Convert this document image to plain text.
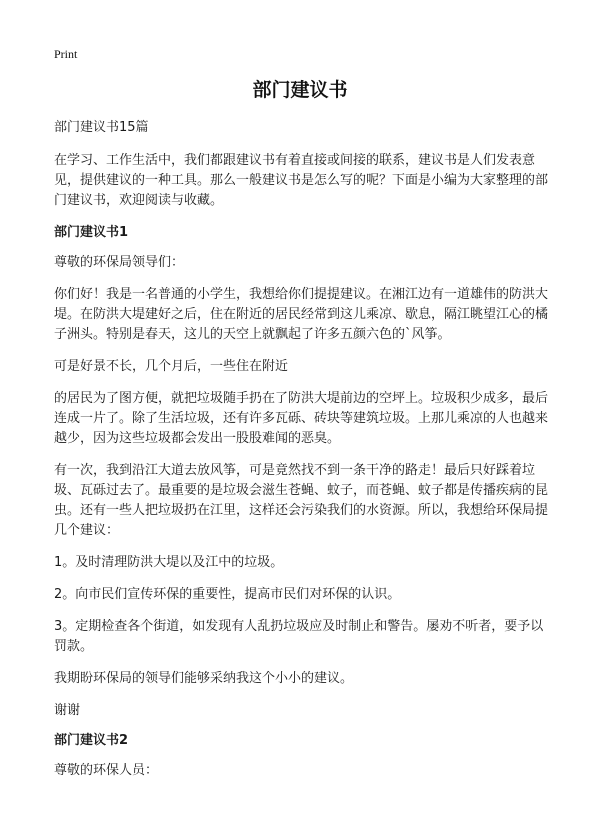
Print
部门建议书

部门建议书15篇

在学习、工作生活中，我们都跟建议书有着直接或间接的联系，建议书是人们发表意见，提供建议的一种工具。那么一般建议书是怎么写的呢？下面是小编为大家整理的部门建议书，欢迎阅读与收藏。

部门建议书1

尊敬的环保局领导们：

你们好！我是一名普通的小学生，我想给你们提提建议。在湘江边有一道雄伟的防洪大堤。在防洪大堤建好之后，住在附近的居民经常到这儿乘凉、歇息，隔江眺望江心的橘子洲头。特别是春天，这儿的天空上就飘起了许多五颜六色的`风筝。

可是好景不长，几个月后，一些住在附近

的居民为了图方便，就把垃圾随手扔在了防洪大堤前边的空坪上。垃圾积少成多，最后连成一片了。除了生活垃圾，还有许多瓦砾、砖块等建筑垃圾。上那儿乘凉的人也越来越少，因为这些垃圾都会发出一股股难闻的恶臭。

有一次，我到沿江大道去放风筝，可是竟然找不到一条干净的路走！最后只好踩着垃圾、瓦砾过去了。最重要的是垃圾会滋生苍蝇、蚊子，而苍蝇、蚊子都是传播疾病的昆虫。还有一些人把垃圾扔在江里，这样还会污染我们的水资源。所以，我想给环保局提几个建议：

1。及时清理防洪大堤以及江中的垃圾。

2。向市民们宣传环保的重要性，提高市民们对环保的认识。

3。定期检查各个街道，如发现有人乱扔垃圾应及时制止和警告。屡劝不听者，要予以罚款。

我期盼环保局的领导们能够采纳我这个小小的建议。

谢谢

部门建议书2

尊敬的环保人员：
